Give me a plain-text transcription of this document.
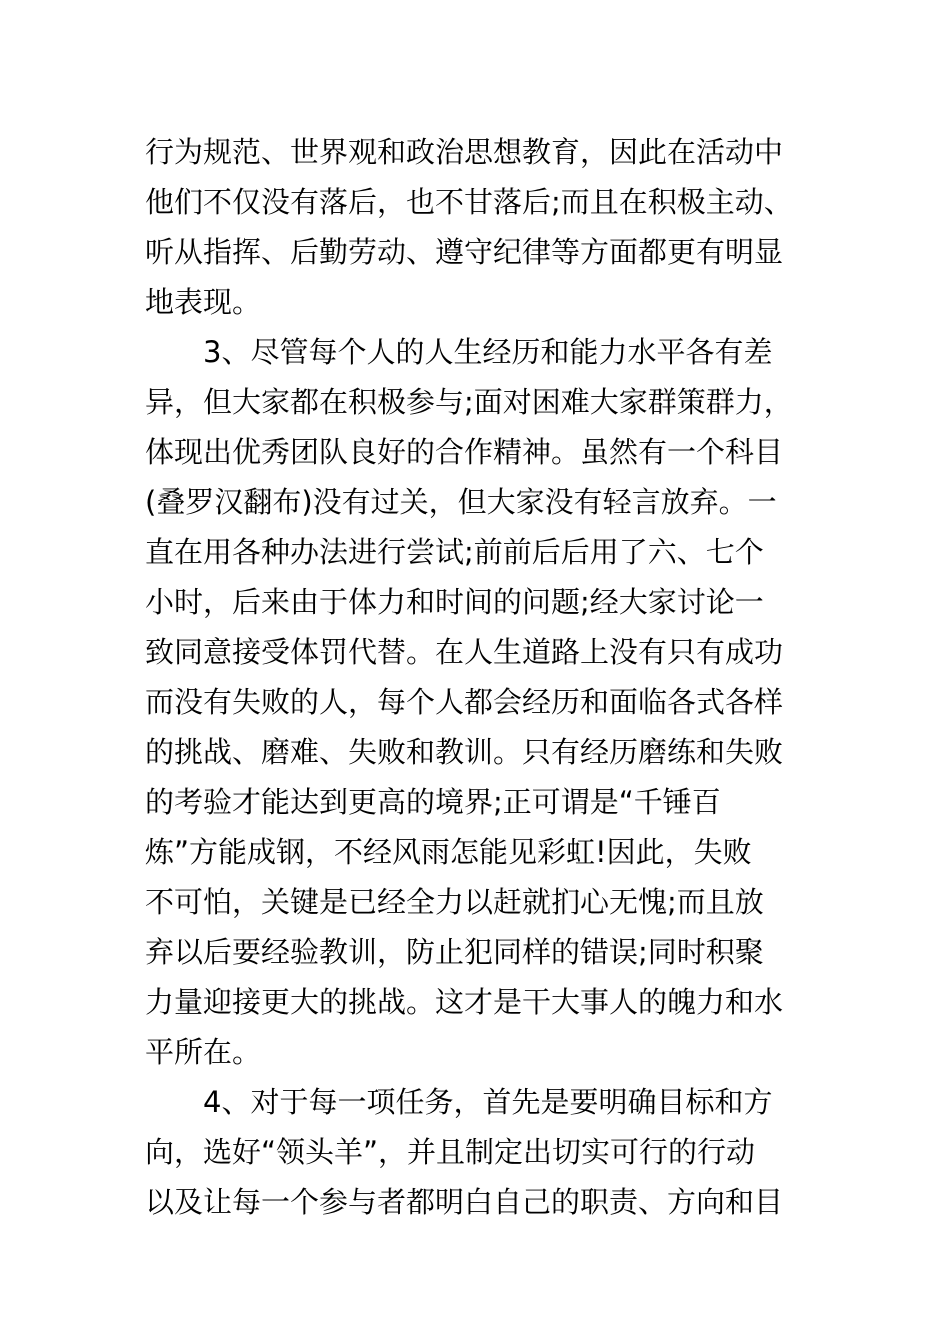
行为规范、世界观和政治思想教育，因此在活动中
他们不仅没有落后，也不甘落后;而且在积极主动、
听从指挥、后勤劳动、遵守纪律等方面都更有明显
地表现。
3、尽管每个人的人生经历和能力水平各有差
异，但大家都在积极参与;面对困难大家群策群力，
体现出优秀团队良好的合作精神。虽然有一个科目
(叠罗汉翻布)没有过关，但大家没有轻言放弃。一
直在用各种办法进行尝试;前前后后用了六、七个
小时，后来由于体力和时间的问题;经大家讨论一
致同意接受体罚代替。在人生道路上没有只有成功
而没有失败的人，每个人都会经历和面临各式各样
的挑战、磨难、失败和教训。只有经历磨练和失败
的考验才能达到更高的境界;正可谓是“千锤百
炼”方能成钢，不经风雨怎能见彩虹!因此，失败
不可怕，关键是已经全力以赶就扪心无愧;而且放
弃以后要经验教训，防止犯同样的错误;同时积聚
力量迎接更大的挑战。这才是干大事人的魄力和水
平所在。
4、对于每一项任务，首先是要明确目标和方
向，选好“领头羊”，并且制定出切实可行的行动
以及让每一个参与者都明白自己的职责、方向和目
